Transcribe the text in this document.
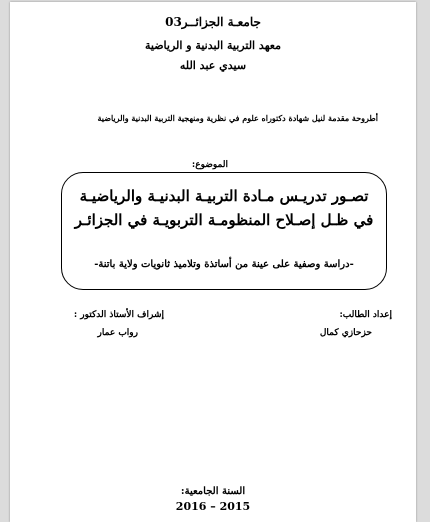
جامعـة الجزائــر03
معهد التربية البدنية و الرياضية
سيدي عبد الله
أطروحة مقدمة لنيل شهادة دكتوراه علوم في نظرية ومنهجية التربية البدنية والرياضية
الموضوع:
تصـور تدريـس مـادة التربيـة البدنيـة والرياضيـة
في ظـل إصـلاح المنظومـة التربويـة في الجزائـر
-دراسة وصفية على عينة من أساتذة وتلاميذ ثانويات ولاية باتنة-
إعداد الطالب:
حزحازي كمال
إشراف الأستاذ الدكتور :
رواب عمار
السنة الجامعية:
2016 – 2015
